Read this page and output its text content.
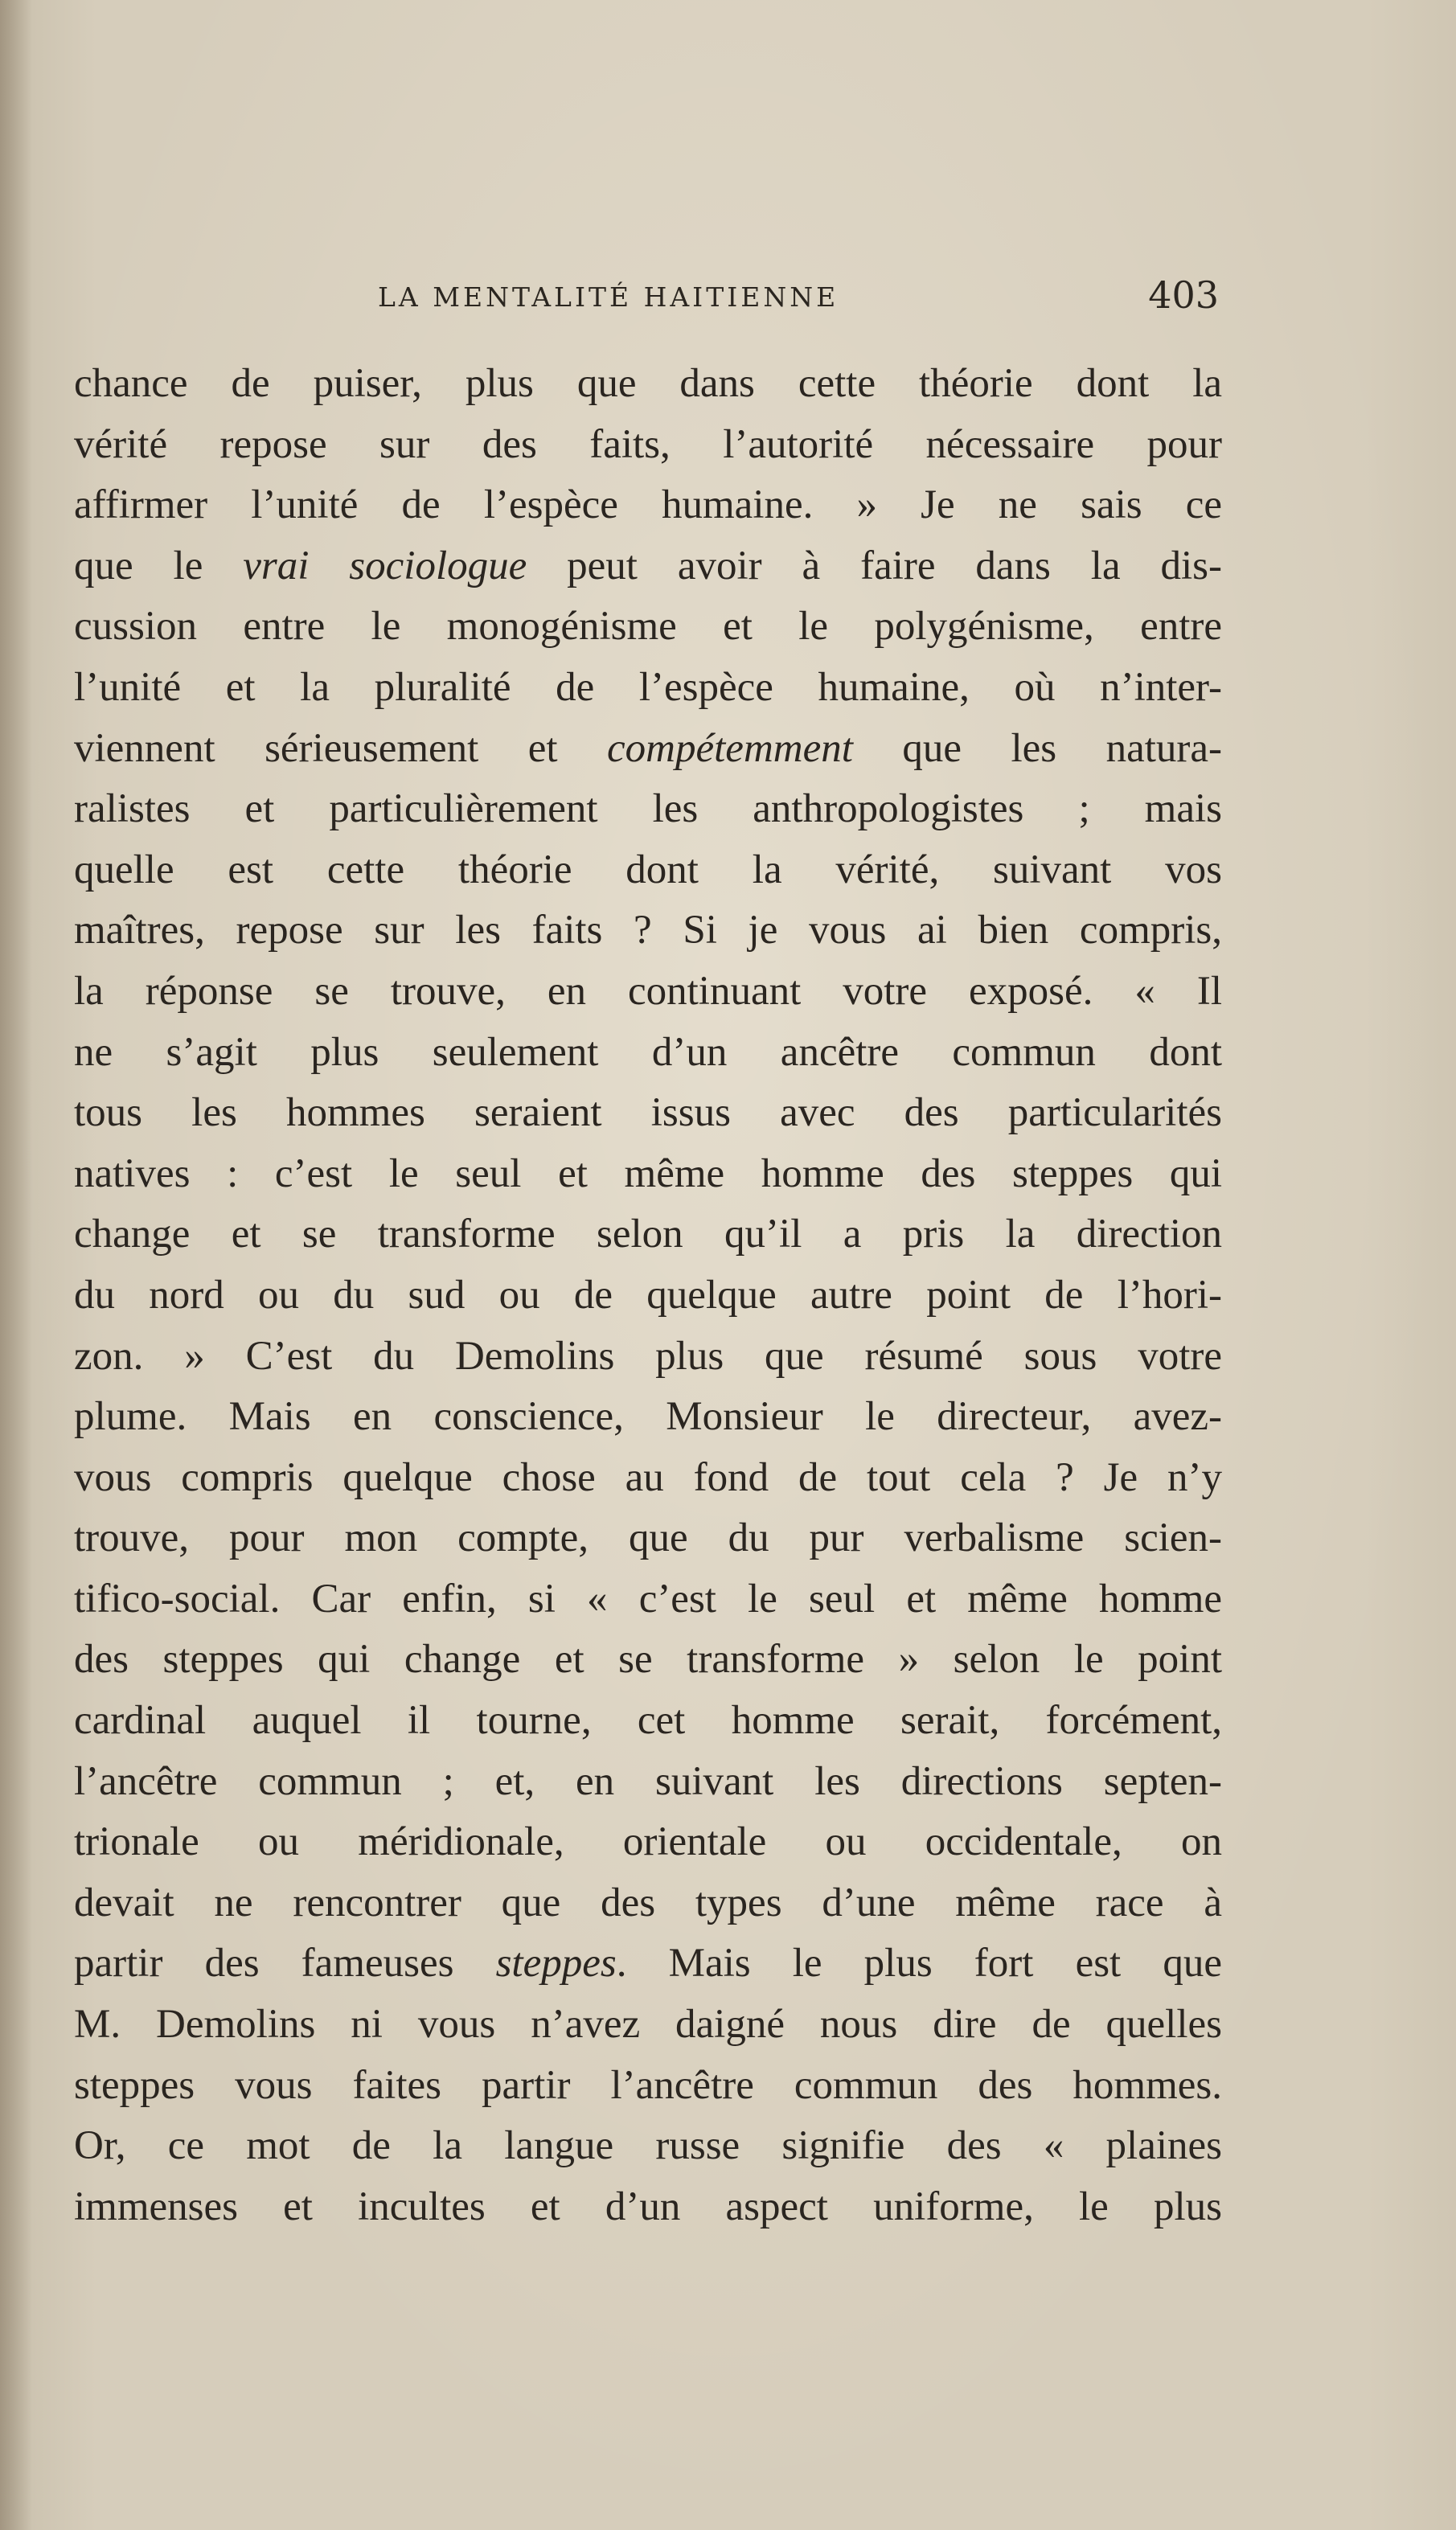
LA MENTALITÉ HAITIENNE	403
chance de puiser, plus que dans cette théorie dont la
vérité repose sur des faits, l’autorité nécessaire pour
affirmer l’unité de l’espèce humaine. » Je ne sais ce
que le vrai sociologue peut avoir à faire dans la dis-
cussion entre le monogénisme et le polygénisme, entre
l’unité et la pluralité de l’espèce humaine, où n’inter-
viennent sérieusement et compétemment que les natura-
ralistes et particulièrement les anthropologistes ; mais
quelle est cette théorie dont la vérité, suivant vos
maîtres, repose sur les faits ? Si je vous ai bien compris,
la réponse se trouve, en continuant votre exposé. « Il
ne s’agit plus seulement d’un ancêtre commun dont
tous les hommes seraient issus avec des particularités
natives : c’est le seul et même homme des steppes qui
change et se transforme selon qu’il a pris la direction
du nord ou du sud ou de quelque autre point de l’hori-
zon. » C’est du Demolins plus que résumé sous votre
plume. Mais en conscience, Monsieur le directeur, avez-
vous compris quelque chose au fond de tout cela ? Je n’y
trouve, pour mon compte, que du pur verbalisme scien-
tifico-social. Car enfin, si « c’est le seul et même homme
des steppes qui change et se transforme » selon le point
cardinal auquel il tourne, cet homme serait, forcément,
l’ancêtre commun ; et, en suivant les directions septen-
trionale ou méridionale, orientale ou occidentale, on
devait ne rencontrer que des types d’une même race à
partir des fameuses steppes. Mais le plus fort est que
M. Demolins ni vous n’avez daigné nous dire de quelles
steppes vous faites partir l’ancêtre commun des hommes.
Or, ce mot de la langue russe signifie des « plaines
immenses et incultes et d’un aspect uniforme, le plus
